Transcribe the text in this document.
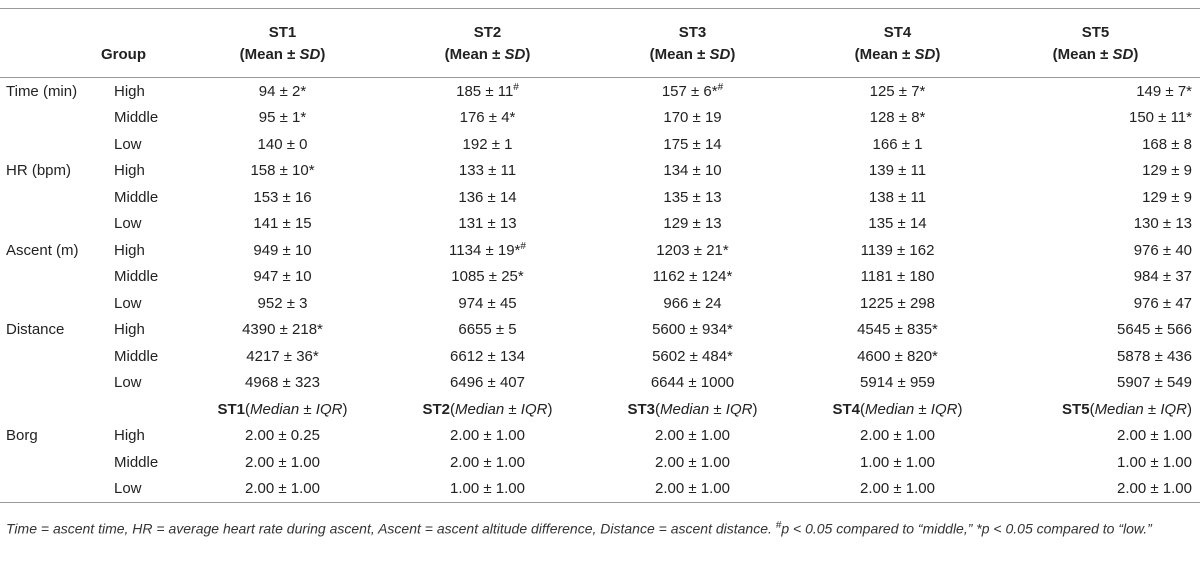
		ST1	ST2	ST3	ST4	ST5
	Group	(Mean ± SD)	(Mean ± SD)	(Mean ± SD)	(Mean ± SD)	(Mean ± SD)
Time (min)	High	94 ± 2*	185 ± 11#	157 ± 6*#	125 ± 7*	149 ± 7*
	Middle	95 ± 1*	176 ± 4*	170 ± 19	128 ± 8*	150 ± 11*
	Low	140 ± 0	192 ± 1	175 ± 14	166 ± 1	168 ± 8
HR (bpm)	High	158 ± 10*	133 ± 11	134 ± 10	139 ± 11	129 ± 9
	Middle	153 ± 16	136 ± 14	135 ± 13	138 ± 11	129 ± 9
	Low	141 ± 15	131 ± 13	129 ± 13	135 ± 14	130 ± 13
Ascent (m)	High	949 ± 10	1134 ± 19*#	1203 ± 21*	1139 ± 162	976 ± 40
	Middle	947 ± 10	1085 ± 25*	1162 ± 124*	1181 ± 180	984 ± 37
	Low	952 ± 3	974 ± 45	966 ± 24	1225 ± 298	976 ± 47
Distance	High	4390 ± 218*	6655 ± 5	5600 ± 934*	4545 ± 835*	5645 ± 566
	Middle	4217 ± 36*	6612 ± 134	5602 ± 484*	4600 ± 820*	5878 ± 436
	Low	4968 ± 323	6496 ± 407	6644 ± 1000	5914 ± 959	5907 ± 549
		ST1(Median ± IQR)	ST2(Median ± IQR)	ST3(Median ± IQR)	ST4(Median ± IQR)	ST5(Median ± IQR)
Borg	High	2.00 ± 0.25	2.00 ± 1.00	2.00 ± 1.00	2.00 ± 1.00	2.00 ± 1.00
	Middle	2.00 ± 1.00	2.00 ± 1.00	2.00 ± 1.00	1.00 ± 1.00	1.00 ± 1.00
	Low	2.00 ± 1.00	1.00 ± 1.00	2.00 ± 1.00	2.00 ± 1.00	2.00 ± 1.00
Time = ascent time, HR = average heart rate during ascent, Ascent = ascent altitude difference, Distance = ascent distance. #p < 0.05 compared to “middle,” *p < 0.05 compared to “low.”
